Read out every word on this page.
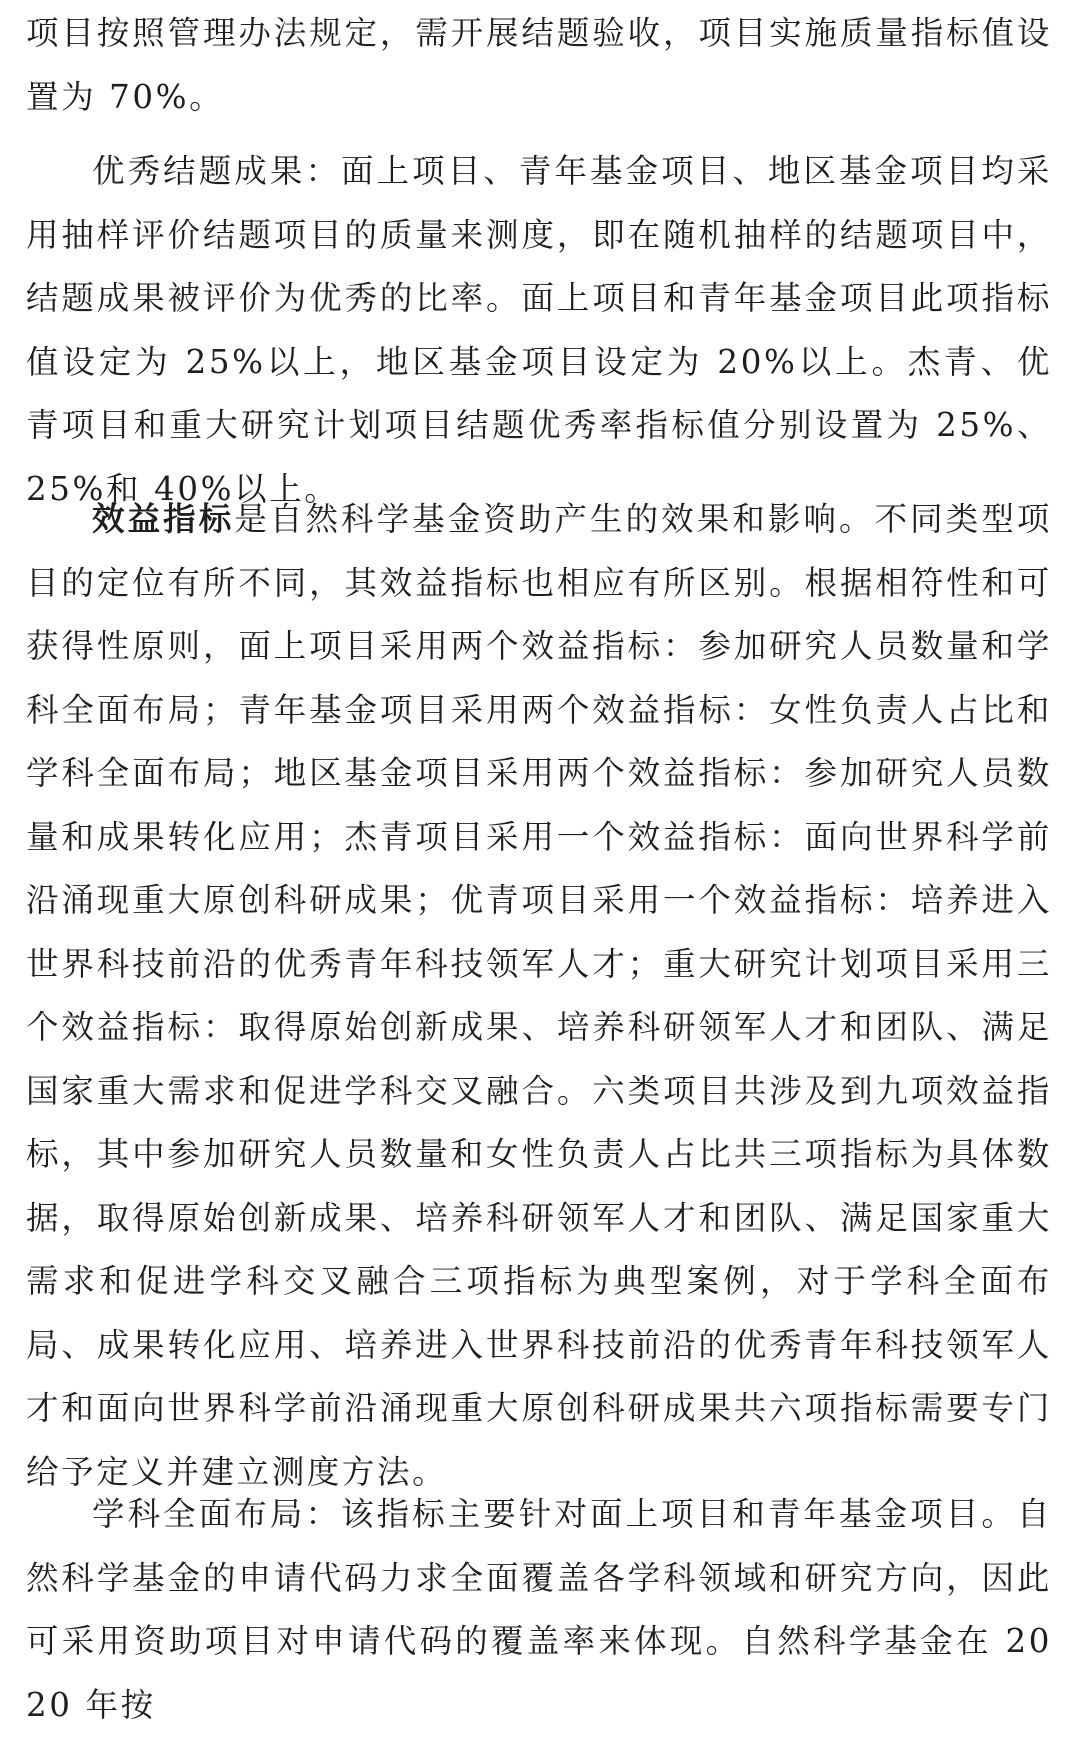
项目按照管理办法规定，需开展结题验收，项目实施质量指标值设置为 70%。

优秀结题成果：面上项目、青年基金项目、地区基金项目均采用抽样评价结题项目的质量来测度，即在随机抽样的结题项目中，结题成果被评价为优秀的比率。面上项目和青年基金项目此项指标值设定为 25%以上，地区基金项目设定为 20%以上。杰青、优青项目和重大研究计划项目结题优秀率指标值分别设置为 25%、25%和 40%以上。

效益指标是自然科学基金资助产生的效果和影响。不同类型项目的定位有所不同，其效益指标也相应有所区别。根据相符性和可获得性原则，面上项目采用两个效益指标：参加研究人员数量和学科全面布局；青年基金项目采用两个效益指标：女性负责人占比和学科全面布局；地区基金项目采用两个效益指标：参加研究人员数量和成果转化应用；杰青项目采用一个效益指标：面向世界科学前沿涌现重大原创科研成果；优青项目采用一个效益指标：培养进入世界科技前沿的优秀青年科技领军人才；重大研究计划项目采用三个效益指标：取得原始创新成果、培养科研领军人才和团队、满足国家重大需求和促进学科交叉融合。六类项目共涉及到九项效益指标，其中参加研究人员数量和女性负责人占比共三项指标为具体数据，取得原始创新成果、培养科研领军人才和团队、满足国家重大需求和促进学科交叉融合三项指标为典型案例，对于学科全面布局、成果转化应用、培养进入世界科技前沿的优秀青年科技领军人才和面向世界科学前沿涌现重大原创科研成果共六项指标需要专门给予定义并建立测度方法。

学科全面布局：该指标主要针对面上项目和青年基金项目。自然科学基金的申请代码力求全面覆盖各学科领域和研究方向，因此可采用资助项目对申请代码的覆盖率来体现。自然科学基金在 2020 年按
